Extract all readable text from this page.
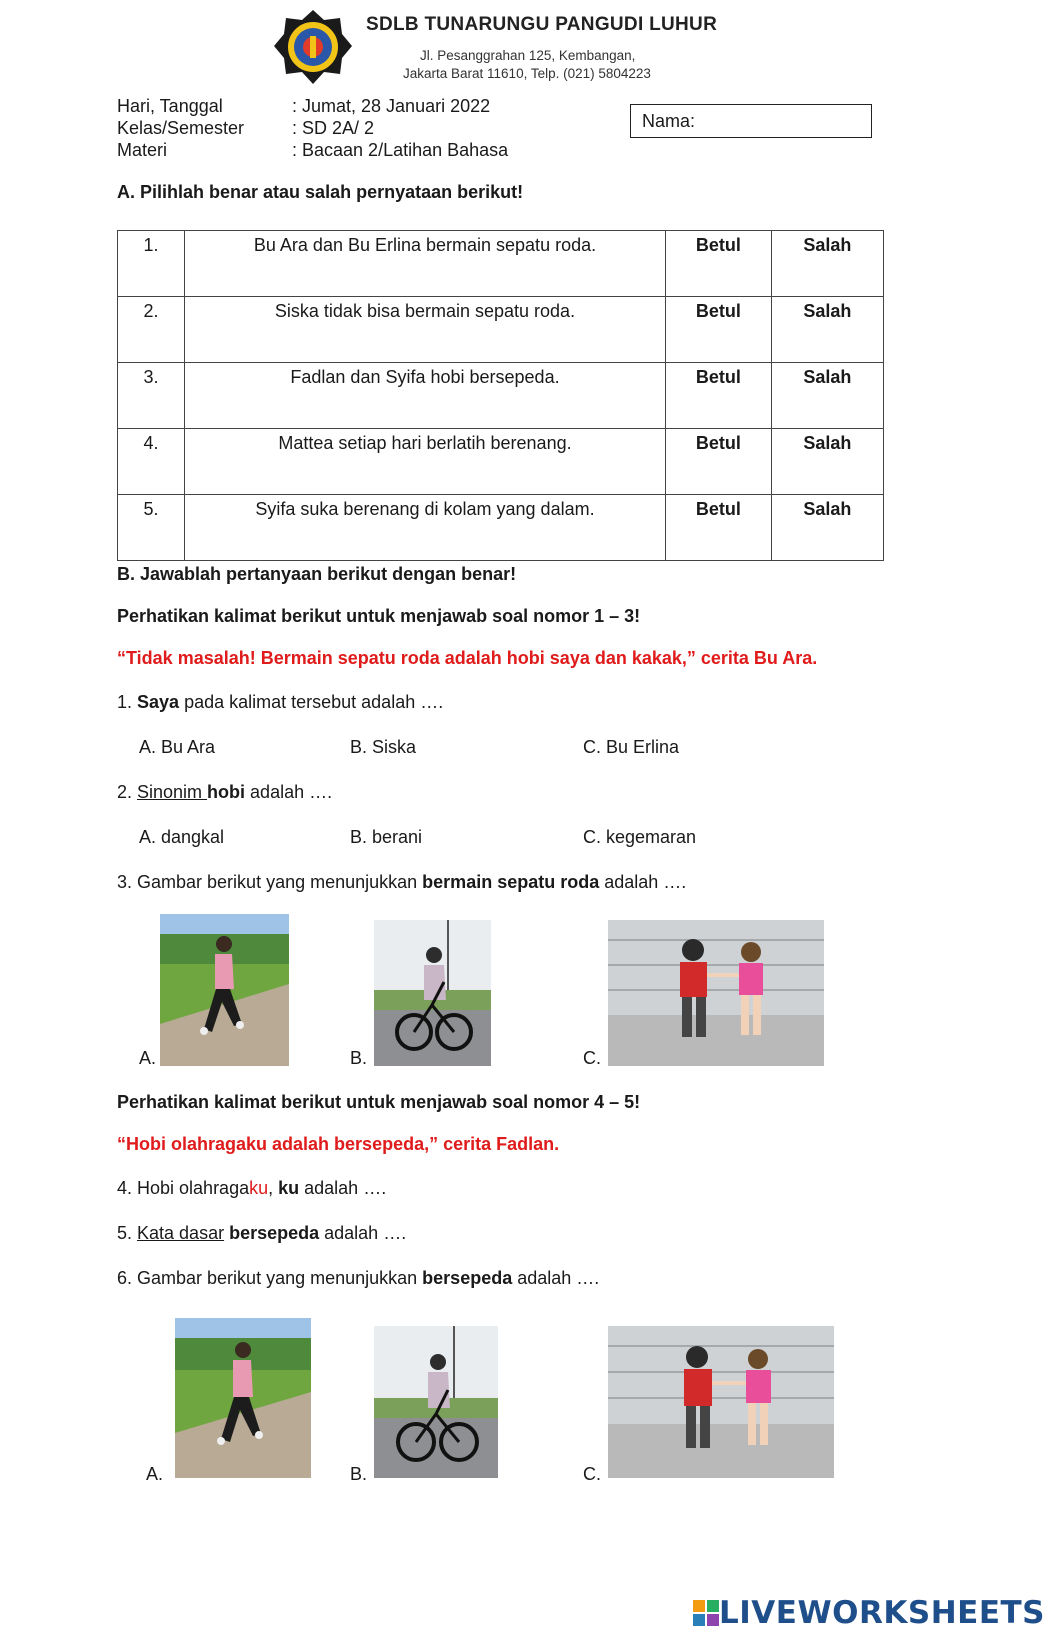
SDLB TUNARUNGU PANGUDI LUHUR
Jl. Pesanggrahan 125, Kembangan,
Jakarta Barat 11610, Telp. (021) 5804223
Hari, Tanggal	: Jumat, 28 Januari 2022
Kelas/Semester	: SD 2A/ 2
Materi	: Bacaan 2/Latihan Bahasa
Nama:
A. Pilihlah benar atau salah pernyataan berikut!
1.	Bu Ara dan Bu Erlina bermain sepatu roda.	Betul	Salah
2.	Siska tidak bisa bermain sepatu roda.	Betul	Salah
3.	Fadlan dan Syifa hobi bersepeda.	Betul	Salah
4.	Mattea setiap hari berlatih berenang.	Betul	Salah
5.	Syifa suka berenang di kolam yang dalam.	Betul	Salah
B. Jawablah pertanyaan berikut dengan benar!
Perhatikan kalimat berikut untuk menjawab soal nomor 1 – 3!
“Tidak masalah! Bermain sepatu roda adalah hobi saya dan kakak,” cerita Bu Ara.
1. Saya pada kalimat tersebut adalah ….
A. Bu Ara	B. Siska	C. Bu Erlina
2. Sinonim hobi adalah ….
A. dangkal	B. berani	C. kegemaran
3. Gambar berikut yang menunjukkan bermain sepatu roda adalah ….
A.	B.	C.
Perhatikan kalimat berikut untuk menjawab soal nomor 4 – 5!
“Hobi olahragaku adalah bersepeda,” cerita Fadlan.
4. Hobi olahragaku, ku adalah ….
5. Kata dasar bersepeda adalah ….
6. Gambar berikut yang menunjukkan bersepeda adalah ….
A.	B.	C.
LIVEWORKSHEETS
